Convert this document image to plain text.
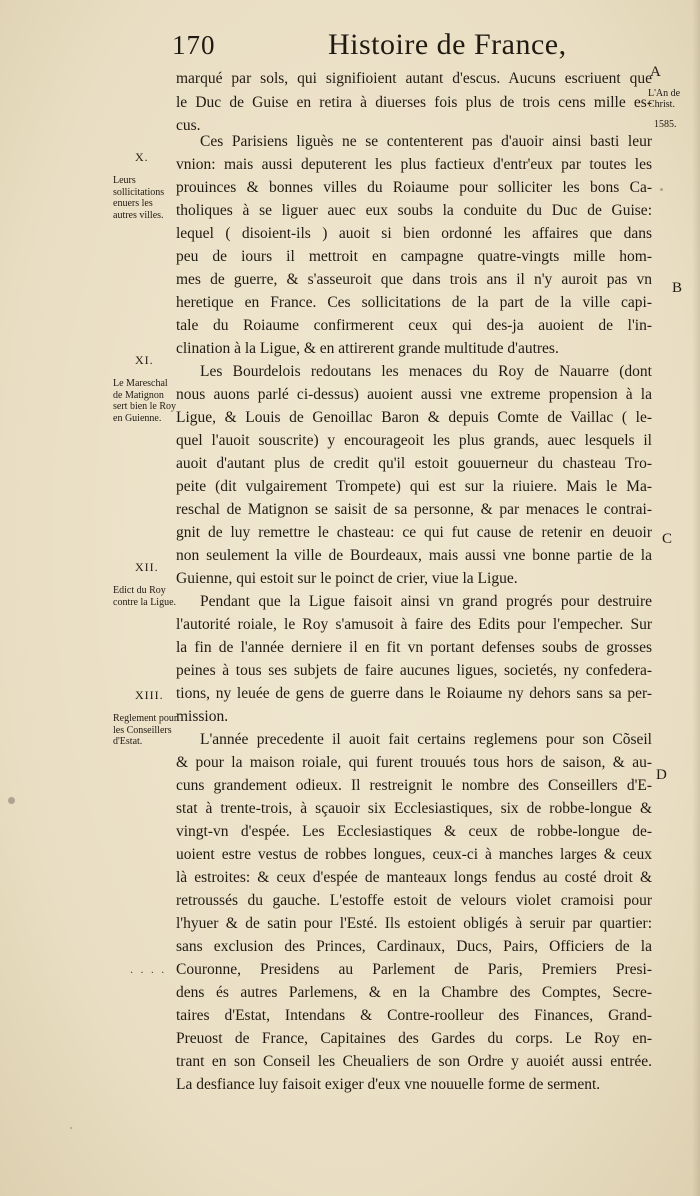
170	Histoire de France,
L'An de Christ.
1585.
A
B
C
D

X.

Leurs sollicitations enuers les autres villes.

XI.

Le Mareschal de Matignon sert bien le Roy en Guienne.

XII.

Edict du Roy contre la Ligue.

XIII.

Reglement pour les Conseillers d'Estat.

marqué par sols, qui signifioient autant d'escus. Aucuns escriuent que
le Duc de Guise en retira à diuerses fois plus de trois cens mille es-
cus.
Ces Parisiens liguès ne se contenterent pas d'auoir ainsi basti leur
vnion: mais aussi deputerent les plus factieux d'entr'eux par toutes les
prouinces & bonnes villes du Roiaume pour solliciter les bons Ca-
tholiques à se liguer auec eux soubs la conduite du Duc de Guise:
lequel ( disoient-ils ) auoit si bien ordonné les affaires que dans
peu de iours il mettroit en campagne quatre-vingts mille hom-
mes de guerre, & s'asseuroit que dans trois ans il n'y auroit pas vn
heretique en France. Ces sollicitations de la part de la ville capi-
tale du Roiaume confirmerent ceux qui des-ja auoient de l'in-
clination à la Ligue, & en attirerent grande multitude d'autres.
Les Bourdelois redoutans les menaces du Roy de Nauarre (dont
nous auons parlé ci-dessus) auoient aussi vne extreme propension à la
Ligue, & Louis de Genoillac Baron & depuis Comte de Vaillac ( le-
quel l'auoit souscrite) y encourageoit les plus grands, auec lesquels il
auoit d'autant plus de credit qu'il estoit gouuerneur du chasteau Tro-
peite (dit vulgairement Trompete) qui est sur la riuiere. Mais le Ma-
reschal de Matignon se saisit de sa personne, & par menaces le contrai-
gnit de luy remettre le chasteau: ce qui fut cause de retenir en deuoir
non seulement la ville de Bourdeaux, mais aussi vne bonne partie de la
Guienne, qui estoit sur le poinct de crier, viue la Ligue.
Pendant que la Ligue faisoit ainsi vn grand progrés pour destruire
l'autorité roiale, le Roy s'amusoit à faire des Edits pour l'empecher. Sur
la fin de l'année derniere il en fit vn portant defenses soubs de grosses
peines à tous ses subjets de faire aucunes ligues, societés, ny confedera-
tions, ny leuée de gens de guerre dans le Roiaume ny dehors sans sa per-
mission.
L'année precedente il auoit fait certains reglemens pour son Cõseil
& pour la maison roiale, qui furent trouués tous hors de saison, & au-
cuns grandement odieux. Il restreignit le nombre des Conseillers d'E-
stat à trente-trois, à sçauoir six Ecclesiastiques, six de robbe-longue &
vingt-vn d'espée. Les Ecclesiastiques & ceux de robbe-longue de-
uoient estre vestus de robbes longues, ceux-ci à manches larges & ceux
là estroites: & ceux d'espée de manteaux longs fendus au costé droit &
retroussés du gauche. L'estoffe estoit de velours violet cramoisi pour
l'hyuer & de satin pour l'Esté. Ils estoient obligés à seruir par quartier:
sans exclusion des Princes, Cardinaux, Ducs, Pairs, Officiers de la
Couronne, Presidens au Parlement de Paris, Premiers Presi-
dens és autres Parlemens, & en la Chambre des Comptes, Secre-
taires d'Estat, Intendans & Contre-roolleur des Finances, Grand-
Preuost de France, Capitaines des Gardes du corps. Le Roy en-
trant en son Conseil les Cheualiers de son Ordre y auoiét aussi entrée.
La desfiance luy faisoit exiger d'eux vne nouuelle forme de serment.
. . . .
